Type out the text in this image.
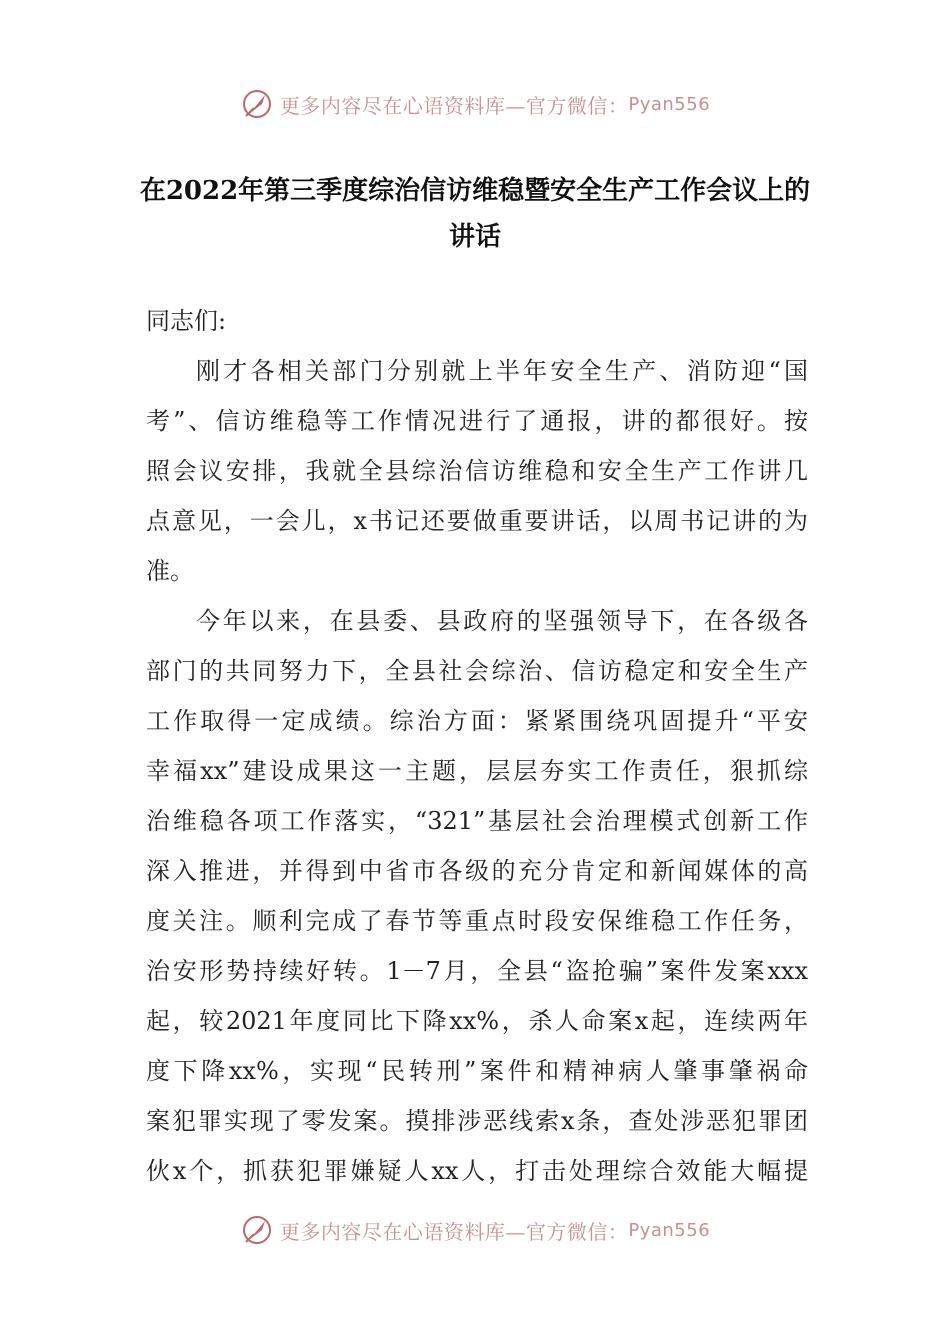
更多内容尽在心语资料库— 官方微信： Pyan556
在2022年第三季度综治信访维稳暨安全生产工作会议上的
讲话
同志们:
刚才各相关部门分别就上半年安全生产、消防迎“国
考”、信访维稳等工作情况进行了通报，讲的都很好。按
照会议安排，我就全县综治信访维稳和安全生产工作讲几
点意见，一会儿，x书记还要做重要讲话，以周书记讲的为
准。
今年以来，在县委、县政府的坚强领导下，在各级各
部门的共同努力下，全县社会综治、信访稳定和安全生产
工作取得一定成绩。综治方面：紧紧围绕巩固提升“平安
幸福xx”建设成果这一主题，层层夯实工作责任，狠抓综
治维稳各项工作落实，“321”基层社会治理模式创新工作
深入推进，并得到中省市各级的充分肯定和新闻媒体的高
度关注。顺利完成了春节等重点时段安保维稳工作任务，
治安形势持续好转。1－7月，全县“盗抢骗”案件发案xxx
起，较2021年度同比下降xx%，杀人命案x起，连续两年
度下降xx%，实现“民转刑”案件和精神病人肇事肇祸命
案犯罪实现了零发案。摸排涉恶线索x条，查处涉恶犯罪团
伙x个，抓获犯罪嫌疑人xx人，打击处理综合效能大幅提
更多内容尽在心语资料库— 官方微信： Pyan556
